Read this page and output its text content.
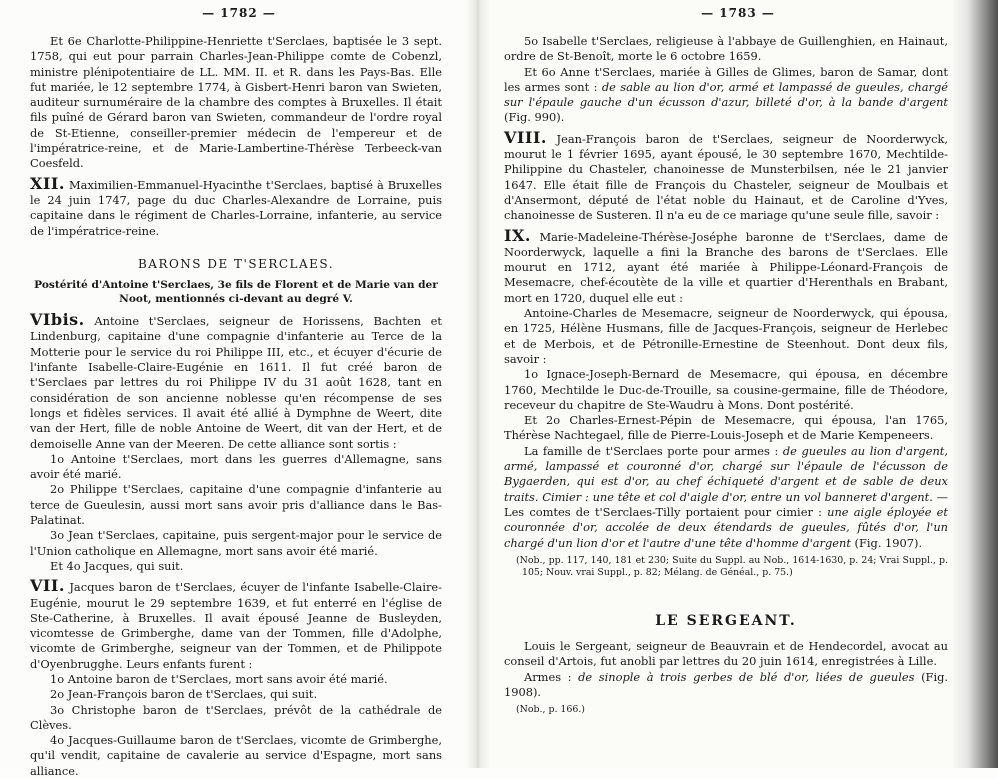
— 1782 —

Et 6e Charlotte-Philippine-Henriette t'Serclaes, baptisée le 3 sept. 1758, qui eut pour parrain Charles-Jean-Philippe comte de Cobenzl, ministre plénipotentiaire de LL. MM. II. et R. dans les Pays-Bas. Elle fut mariée, le 12 septembre 1774, à Gisbert-Henri baron van Swieten, auditeur surnuméraire de la chambre des comptes à Bruxelles. Il était fils puîné de Gérard baron van Swieten, commandeur de l'ordre royal de St-Etienne, conseiller-premier médecin de l'empereur et de l'impératrice-reine, et de Marie-Lambertine-Thérèse Terbeeck-van Coesfeld.

XII. Maximilien-Emmanuel-Hyacinthe t'Serclaes, baptisé à Bruxelles le 24 juin 1747, page du duc Charles-Alexandre de Lorraine, puis capitaine dans le régiment de Charles-Lorraine, infanterie, au service de l'impératrice-reine.

BARONS DE T'SERCLAES.
Postérité d'Antoine t'Serclaes, 3e fils de Florent et de Marie van der Noot, mentionnés ci-devant au degré V.

VIbis. Antoine t'Serclaes, seigneur de Horissens, Bachten et Lindenburg, capitaine d'une compagnie d'infanterie au Terce de la Motterie pour le service du roi Philippe III, etc., et écuyer d'écurie de l'infante Isabelle-Claire-Eugénie en 1611. Il fut créé baron de t'Serclaes par lettres du roi Philippe IV du 31 août 1628, tant en considération de son ancienne noblesse qu'en récompense de ses longs et fidèles services. Il avait été allié à Dymphne de Weert, dite van der Hert, fille de noble Antoine de Weert, dit van der Hert, et de demoiselle Anne van der Meeren. De cette alliance sont sortis :

1o Antoine t'Serclaes, mort dans les guerres d'Allemagne, sans avoir été marié.

2o Philippe t'Serclaes, capitaine d'une compagnie d'infanterie au terce de Gueulesin, aussi mort sans avoir pris d'alliance dans le Bas-Palatinat.

3o Jean t'Serclaes, capitaine, puis sergent-major pour le service de l'Union catholique en Allemagne, mort sans avoir été marié.

Et 4o Jacques, qui suit.

VII. Jacques baron de t'Serclaes, écuyer de l'infante Isabelle-Claire-Eugénie, mourut le 29 septembre 1639, et fut enterré en l'église de Ste-Catherine, à Bruxelles. Il avait épousé Jeanne de Busleyden, vicomtesse de Grimberghe, dame van der Tommen, fille d'Adolphe, vicomte de Grimberghe, seigneur van der Tommen, et de Philippote d'Oyenbrugghe. Leurs enfants furent :

1o Antoine baron de t'Serclaes, mort sans avoir été marié.

2o Jean-François baron de t'Serclaes, qui suit.

3o Christophe baron de t'Serclaes, prévôt de la cathédrale de Clèves.

4o Jacques-Guillaume baron de t'Serclaes, vicomte de Grimberghe, qu'il vendit, capitaine de cavalerie au service d'Espagne, mort sans alliance.

— 1783 —

5o Isabelle t'Serclaes, religieuse à l'abbaye de Guillenghien, en Hainaut, ordre de St-Benoît, morte le 6 octobre 1659.

Et 6o Anne t'Serclaes, mariée à Gilles de Glimes, baron de Samar, dont les armes sont : de sable au lion d'or, armé et lampassé de gueules, chargé sur l'épaule gauche d'un écusson d'azur, billeté d'or, à la bande d'argent (Fig. 990).

VIII. Jean-François baron de t'Serclaes, seigneur de Noorderwyck, mourut le 1 février 1695, ayant épousé, le 30 septembre 1670, Mechtilde-Philippine du Chasteler, chanoinesse de Munsterbilsen, née le 21 janvier 1647. Elle était fille de François du Chasteler, seigneur de Moulbais et d'Ansermont, député de l'état noble du Hainaut, et de Caroline d'Yves, chanoinesse de Susteren. Il n'a eu de ce mariage qu'une seule fille, savoir :

IX. Marie-Madeleine-Thérèse-Joséphe baronne de t'Serclaes, dame de Noorderwyck, laquelle a fini la Branche des barons de t'Serclaes. Elle mourut en 1712, ayant été mariée à Philippe-Léonard-François de Mesemacre, chef-écoutète de la ville et quartier d'Herenthals en Brabant, mort en 1720, duquel elle eut :

Antoine-Charles de Mesemacre, seigneur de Noorderwyck, qui épousa, en 1725, Hélène Husmans, fille de Jacques-François, seigneur de Herlebec et de Merbois, et de Pétronille-Ernestine de Steenhout. Dont deux fils, savoir :

1o Ignace-Joseph-Bernard de Mesemacre, qui épousa, en décembre 1760, Mechtilde le Duc-de-Trouille, sa cousine-germaine, fille de Théodore, receveur du chapitre de Ste-Waudru à Mons. Dont postérité.

Et 2o Charles-Ernest-Pépin de Mesemacre, qui épousa, l'an 1765, Thérèse Nachtegael, fille de Pierre-Louis-Joseph et de Marie Kempeneers.

La famille de t'Serclaes porte pour armes : de gueules au lion d'argent, armé, lampassé et couronné d'or, chargé sur l'épaule de l'écusson de Bygaerden, qui est d'or, au chef échiqueté d'argent et de sable de deux traits. Cimier : une tête et col d'aigle d'or, entre un vol banneret d'argent. — Les comtes de t'Serclaes-Tilly portaient pour cimier : une aigle éployée et couronnée d'or, accolée de deux étendards de gueules, fûtés d'or, l'un chargé d'un lion d'or et l'autre d'une tête d'homme d'argent (Fig. 1907).

(Nob., pp. 117, 140, 181 et 230; Suite du Suppl. au Nob., 1614-1630, p. 24; Vrai Suppl., p. 105; Nouv. vrai Suppl., p. 82; Mélang. de Généal., p. 75.)

LE SERGEANT.

Louis le Sergeant, seigneur de Beauvrain et de Hendecordel, avocat au conseil d'Artois, fut anobli par lettres du 20 juin 1614, enregistrées à Lille.

Armes : de sinople à trois gerbes de blé d'or, liées de gueules (Fig. 1908).

(Nob., p. 166.)
